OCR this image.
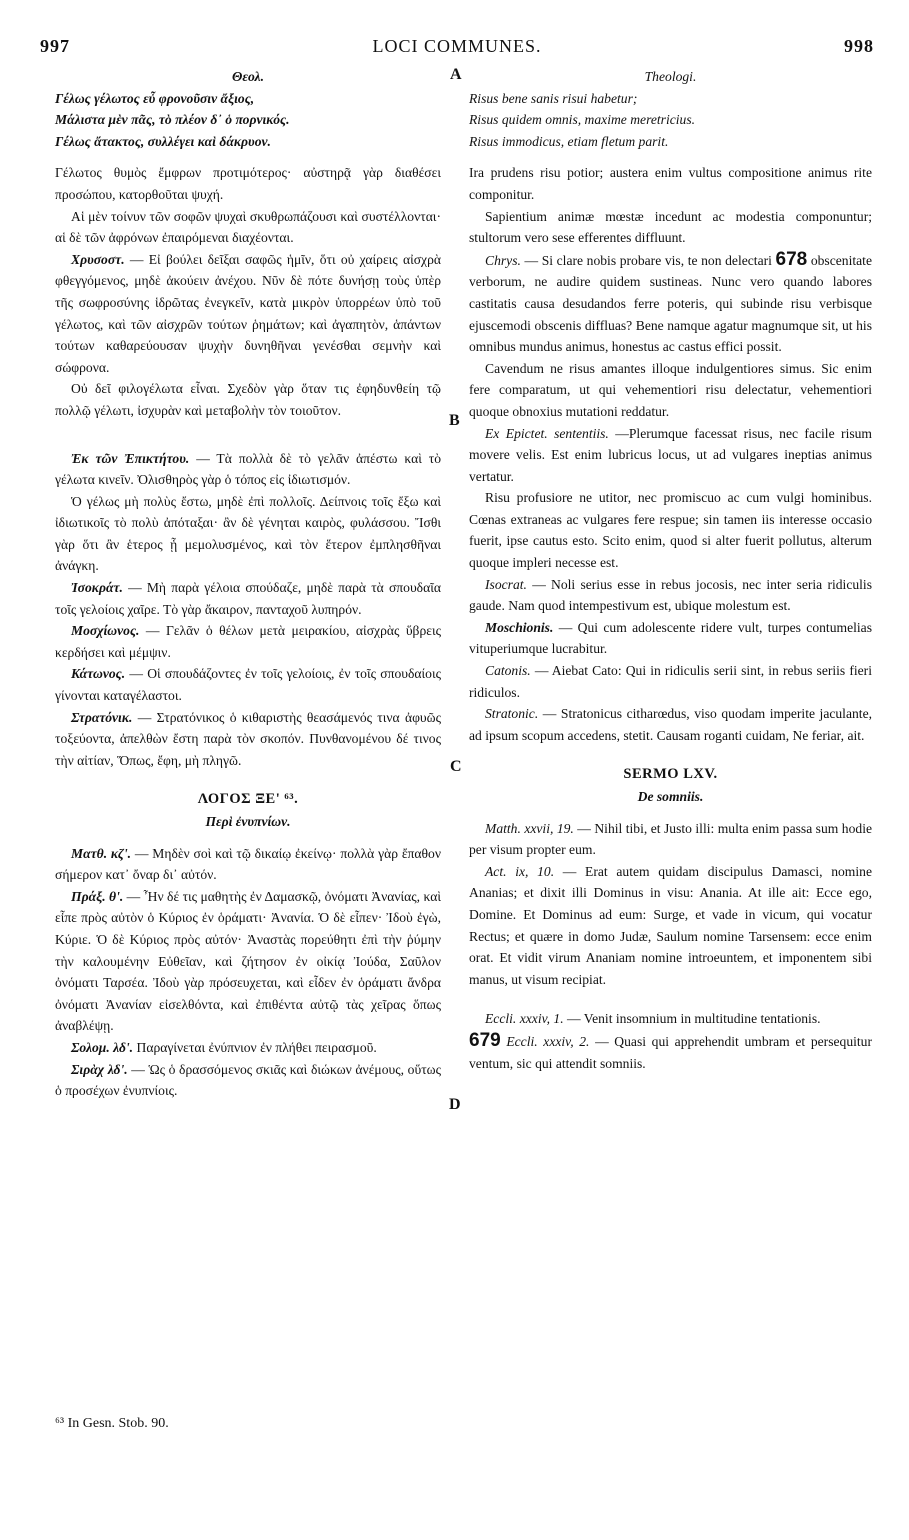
997	LOCI COMMUNES.	998
A
B
C
D
Θεολ.
Γέλως γέλωτος εὖ φρονοῦσιν ἄξιος,
Μάλιστα μὲν πᾶς, τὸ πλέον δ᾽ ὁ πορνικός.
Γέλως ἄτακτος, συλλέγει καὶ δάκρυον.

Γέλωτος θυμὸς ἔμφρων προτιμότερος· αὐστηρᾷ γὰρ διαθέσει προσώπου, κατορθοῦται ψυχή.

Αἱ μὲν τοίνυν τῶν σοφῶν ψυχαὶ σκυθρωπάζουσι καὶ συστέλλονται· αἱ δὲ τῶν ἀφρόνων ἐπαιρόμεναι διαχέονται.

Χρυσοστ. — Εἰ βούλει δεῖξαι σαφῶς ἡμῖν, ὅτι οὐ χαίρεις αἰσχρὰ φθεγγόμενος, μηδὲ ἀκούειν ἀνέχου. Νῦν δὲ πότε δυνήσῃ τοὺς ὑπὲρ τῆς σωφροσύνης ἱδρῶτας ἐνεγκεῖν, κατὰ μικρὸν ὑπορρέων ὑπὸ τοῦ γέλωτος, καὶ τῶν αἰσχρῶν τούτων ῥημάτων; καὶ ἀγαπητὸν, ἁπάντων τούτων καθαρεύουσαν ψυχὴν δυνηθῆναι γενέσθαι σεμνὴν καὶ σώφρονα.

Οὐ δεῖ φιλογέλωτα εἶναι. Σχεδὸν γὰρ ὅταν τις ἐφηδυνθείη τῷ πολλῷ γέλωτι, ἰσχυρὰν καὶ μεταβολὴν τὸν τοιοῦτον.

Ἐκ τῶν Ἐπικτήτου. — Τὰ πολλὰ δὲ τὸ γελᾶν ἀπέστω καὶ τὸ γέλωτα κινεῖν. Ὀλισθηρὸς γὰρ ὁ τόπος εἰς ἰδιωτισμόν.

Ὁ γέλως μὴ πολὺς ἔστω, μηδὲ ἐπὶ πολλοῖς. Δείπνοις τοῖς ἔξω καὶ ἰδιωτικοῖς τὸ πολὺ ἀπόταξαι· ἂν δὲ γένηται καιρὸς, φυλάσσου. Ἴσθι γὰρ ὅτι ἂν ἑτερος ᾖ μεμολυσμένος, καὶ τὸν ἕτερον ἐμπλησθῆναι ἀνάγκη.

Ἰσοκράτ. — Μὴ παρὰ γέλοια σπούδαζε, μηδὲ παρὰ τὰ σπουδαῖα τοῖς γελοίοις χαῖρε. Τὸ γὰρ ἄκαιρον, πανταχοῦ λυπηρόν.

Μοσχίωνος. — Γελᾶν ὁ θέλων μετὰ μειρακίου, αἰσχρὰς ὕβρεις κερδήσει καὶ μέμψιν.

Κάτωνος. — Οἱ σπουδάζοντες ἐν τοῖς γελοίοις, ἐν τοῖς σπουδαίοις γίνονται καταγέλαστοι.

Στρατόνικ. — Στρατόνικος ὁ κιθαριστὴς θεασάμενός τινα ἀφυῶς τοξεύοντα, ἀπελθὼν ἔστη παρὰ τὸν σκοπόν. Πυνθανομένου δέ τινος τὴν αἰτίαν, Ὅπως, ἔφη, μὴ πληγῶ.

ΛΟΓΟΣ ΞΕ' ⁶³.
Περὶ ἐνυπνίων.

Ματθ. κζ'. — Μηδὲν σοὶ καὶ τῷ δικαίῳ ἐκείνῳ· πολλὰ γὰρ ἔπαθον σήμερον κατ᾽ ὄναρ δι᾽ αὐτόν.

Πράξ. θ'. — Ἦν δέ τις μαθητὴς ἐν Δαμασκῷ, ὀνόματι Ἀνανίας, καὶ εἶπε πρὸς αὐτὸν ὁ Κύριος ἐν ὁράματι· Ἀνανία. Ὁ δὲ εἶπεν· Ἰδοὺ ἐγὼ, Κύριε. Ὁ δὲ Κύριος πρὸς αὐτόν· Ἀναστὰς πορεύθητι ἐπὶ τὴν ῥύμην τὴν καλουμένην Εὐθεῖαν, καὶ ζήτησον ἐν οἰκίᾳ Ἰούδα, Σαῦλον ὀνόματι Ταρσέα. Ἰδοὺ γὰρ πρόσευχεται, καὶ εἶδεν ἐν ὁράματι ἄνδρα ὀνόματι Ἀνανίαν εἰσελθόντα, καὶ ἐπιθέντα αὐτῷ τὰς χεῖρας ὅπως ἀναβλέψῃ.

Σολομ. λδ'. Παραγίνεται ἐνύπνιον ἐν πλήθει πειρασμοῦ.

Σιρὰχ λδ'. — Ὡς ὁ δρασσόμενος σκιᾶς καὶ διώκων ἀνέμους, οὕτως ὁ προσέχων ἐνυπνίοις.

Theologi.
Risus bene sanis risui habetur;
Risus quidem omnis, maxime meretricius.
Risus immodicus, etiam fletum parit.

Ira prudens risu potior; austera enim vultus compositione animus rite componitur.

Sapientium animæ mœstæ incedunt ac modestia componuntur; stultorum vero sese efferentes diffluunt.

Chrys. — Si clare nobis probare vis, te non delectari 678 obscenitate verborum, ne audire quidem sustineas. Nunc vero quando labores castitatis causa desudandos ferre poteris, qui subinde risu verbisque ejuscemodi obscenis diffluas? Bene namque agatur magnumque sit, ut his omnibus mundus animus, honestus ac castus effici possit.

Cavendum ne risus amantes illoque indulgentiores simus. Sic enim fere comparatum, ut qui vehementiori risu delectatur, vehementiori quoque obnoxius mutationi reddatur.

Ex Epictet. sententiis. —Plerumque facessat risus, nec facile risum movere velis. Est enim lubricus locus, ut ad vulgares ineptias animus vertatur.

Risu profusiore ne utitor, nec promiscuo ac cum vulgi hominibus. Cœnas extraneas ac vulgares fere respue; sin tamen iis interesse occasio fuerit, ipse cautus esto. Scito enim, quod si alter fuerit pollutus, alterum quoque impleri necesse est.

Isocrat. — Noli serius esse in rebus jocosis, nec inter seria ridiculis gaude. Nam quod intempestivum est, ubique molestum est.

Moschionis. — Qui cum adolescente ridere vult, turpes contumelias vituperiumque lucrabitur.

Catonis. — Aiebat Cato: Qui in ridiculis serii sint, in rebus seriis fieri ridiculos.

Stratonic. — Stratonicus citharœdus, viso quodam imperite jaculante, ad ipsum scopum accedens, stetit. Causam roganti cuidam, Ne feriar, ait.

SERMO LXV.
De somniis.

Matth. xxvii, 19. — Nihil tibi, et Justo illi: multa enim passa sum hodie per visum propter eum.

Act. ix, 10. — Erat autem quidam discipulus Damasci, nomine Ananias; et dixit illi Dominus in visu: Anania. At ille ait: Ecce ego, Domine. Et Dominus ad eum: Surge, et vade in vicum, qui vocatur Rectus; et quære in domo Judæ, Saulum nomine Tarsensem: ecce enim orat. Et vidit virum Ananiam nomine introeuntem, et imponentem sibi manus, ut visum recipiat.

Eccli. xxxiv, 1. — Venit insomnium in multitudine tentationis.

679 Eccli. xxxiv, 2. — Quasi qui apprehendit umbram et persequitur ventum, sic qui attendit somniis.

⁶³ In Gesn. Stob. 90.
